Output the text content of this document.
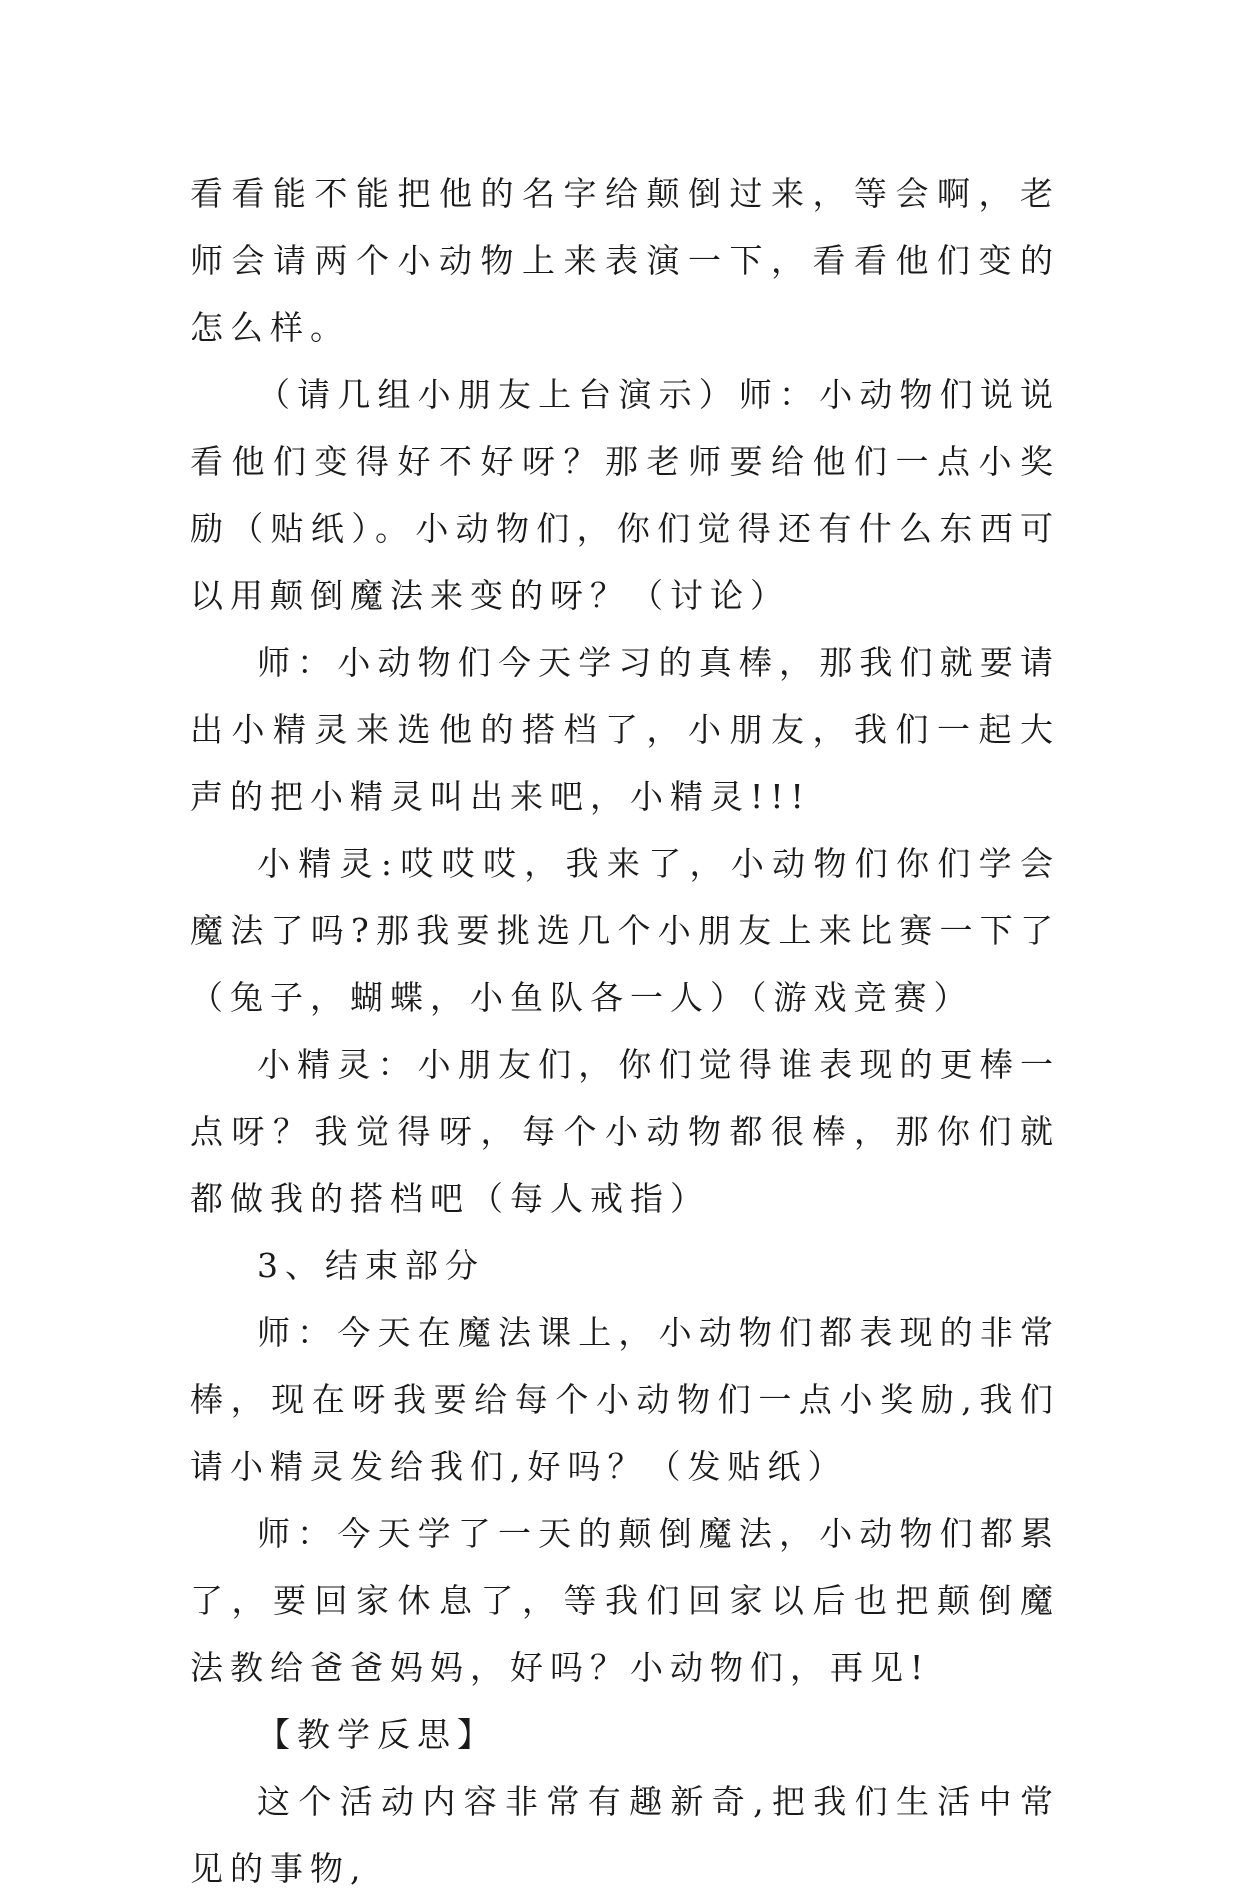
看看能不能把他的名字给颠倒过来，等会啊，老师会请两个小动物上来表演一下，看看他们变的怎么样。

（请几组小朋友上台演示）师：小动物们说说看他们变得好不好呀？那老师要给他们一点小奖励（贴纸）。小动物们，你们觉得还有什么东西可以用颠倒魔法来变的呀？（讨论）

师：小动物们今天学习的真棒，那我们就要请出小精灵来选他的搭档了，小朋友，我们一起大声的把小精灵叫出来吧，小精灵!!!

小精灵:哎哎哎，我来了，小动物们你们学会魔法了吗?那我要挑选几个小朋友上来比赛一下了（兔子，蝴蝶，小鱼队各一人）（游戏竞赛）

小精灵：小朋友们，你们觉得谁表现的更棒一点呀？我觉得呀，每个小动物都很棒，那你们就都做我的搭档吧（每人戒指）

3、结束部分

师：今天在魔法课上，小动物们都表现的非常棒，现在呀我要给每个小动物们一点小奖励,我们请小精灵发给我们,好吗？（发贴纸）

师：今天学了一天的颠倒魔法，小动物们都累了，要回家休息了，等我们回家以后也把颠倒魔法教给爸爸妈妈，好吗？小动物们，再见!

【教学反思】

这个活动内容非常有趣新奇,把我们生活中常见的事物,
